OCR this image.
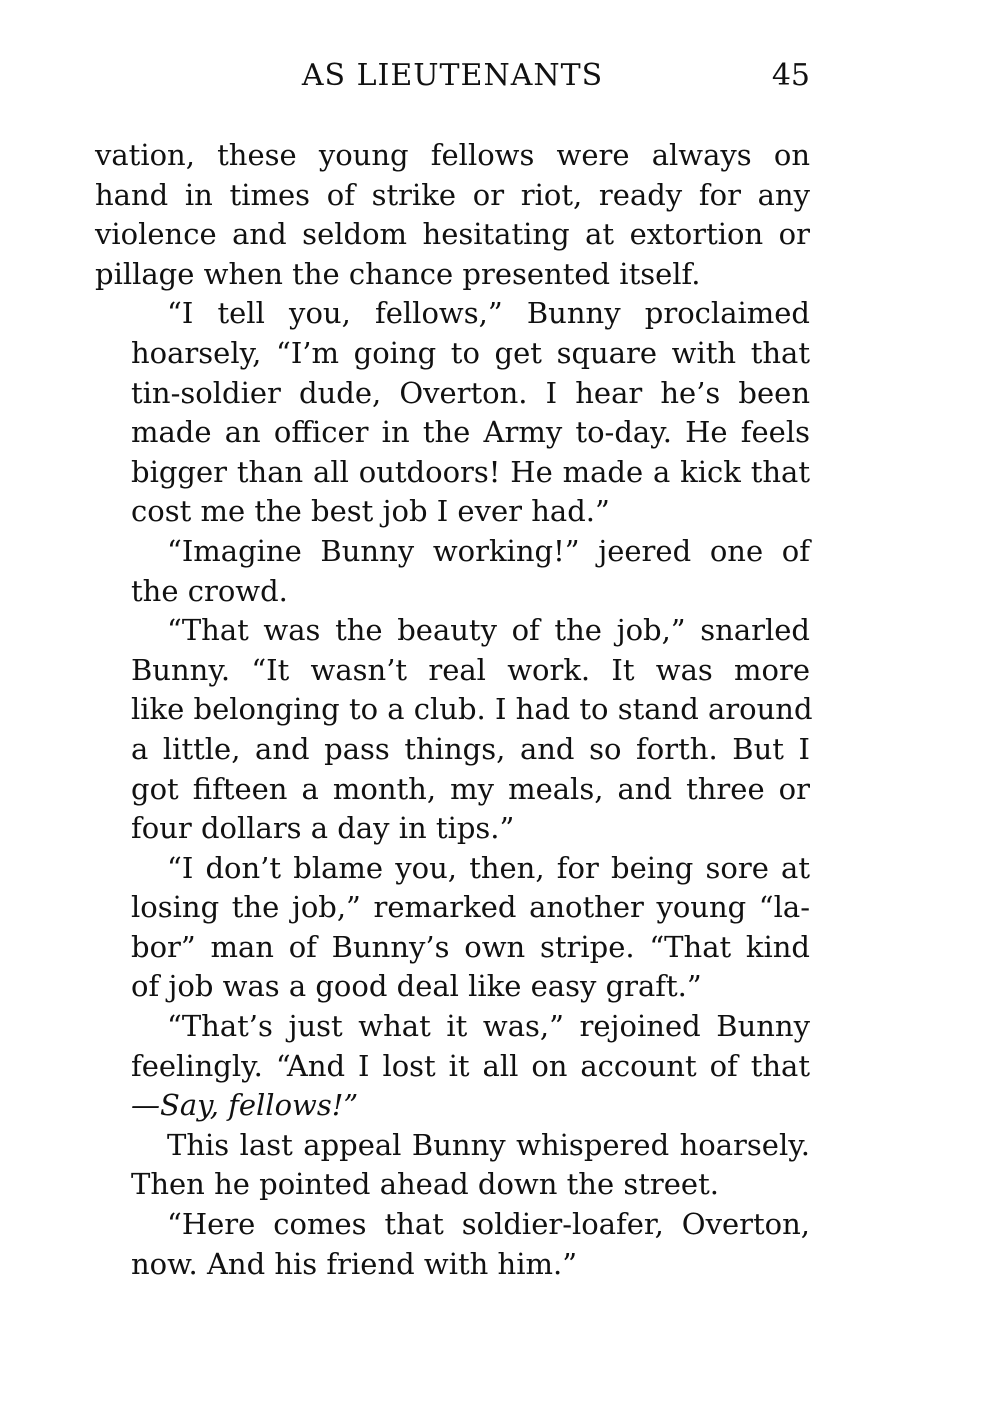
AS LIEUTENANTS	45
vation, these young fellows were always on
hand in times of strike or riot, ready for any
violence and seldom hesitating at extortion or
pillage when the chance presented itself.
“I tell you, fellows,” Bunny proclaimed
hoarsely, “I’m going to get square with that
tin-soldier dude, Overton. I hear he’s been
made an officer in the Army to-day. He feels
bigger than all outdoors! He made a kick that
cost me the best job I ever had.”
“Imagine Bunny working!” jeered one of
the crowd.
“That was the beauty of the job,” snarled
Bunny. “It wasn’t real work. It was more
like belonging to a club. I had to stand around
a little, and pass things, and so forth. But I
got fifteen a month, my meals, and three or
four dollars a day in tips.”
“I don’t blame you, then, for being sore at
losing the job,” remarked another young “la-
bor” man of Bunny’s own stripe. “That kind
of job was a good deal like easy graft.”
“That’s just what it was,” rejoined Bunny
feelingly. “And I lost it all on account of that
—Say, fellows!”
This last appeal Bunny whispered hoarsely.
Then he pointed ahead down the street.
“Here comes that soldier-loafer, Overton,
now. And his friend with him.”
